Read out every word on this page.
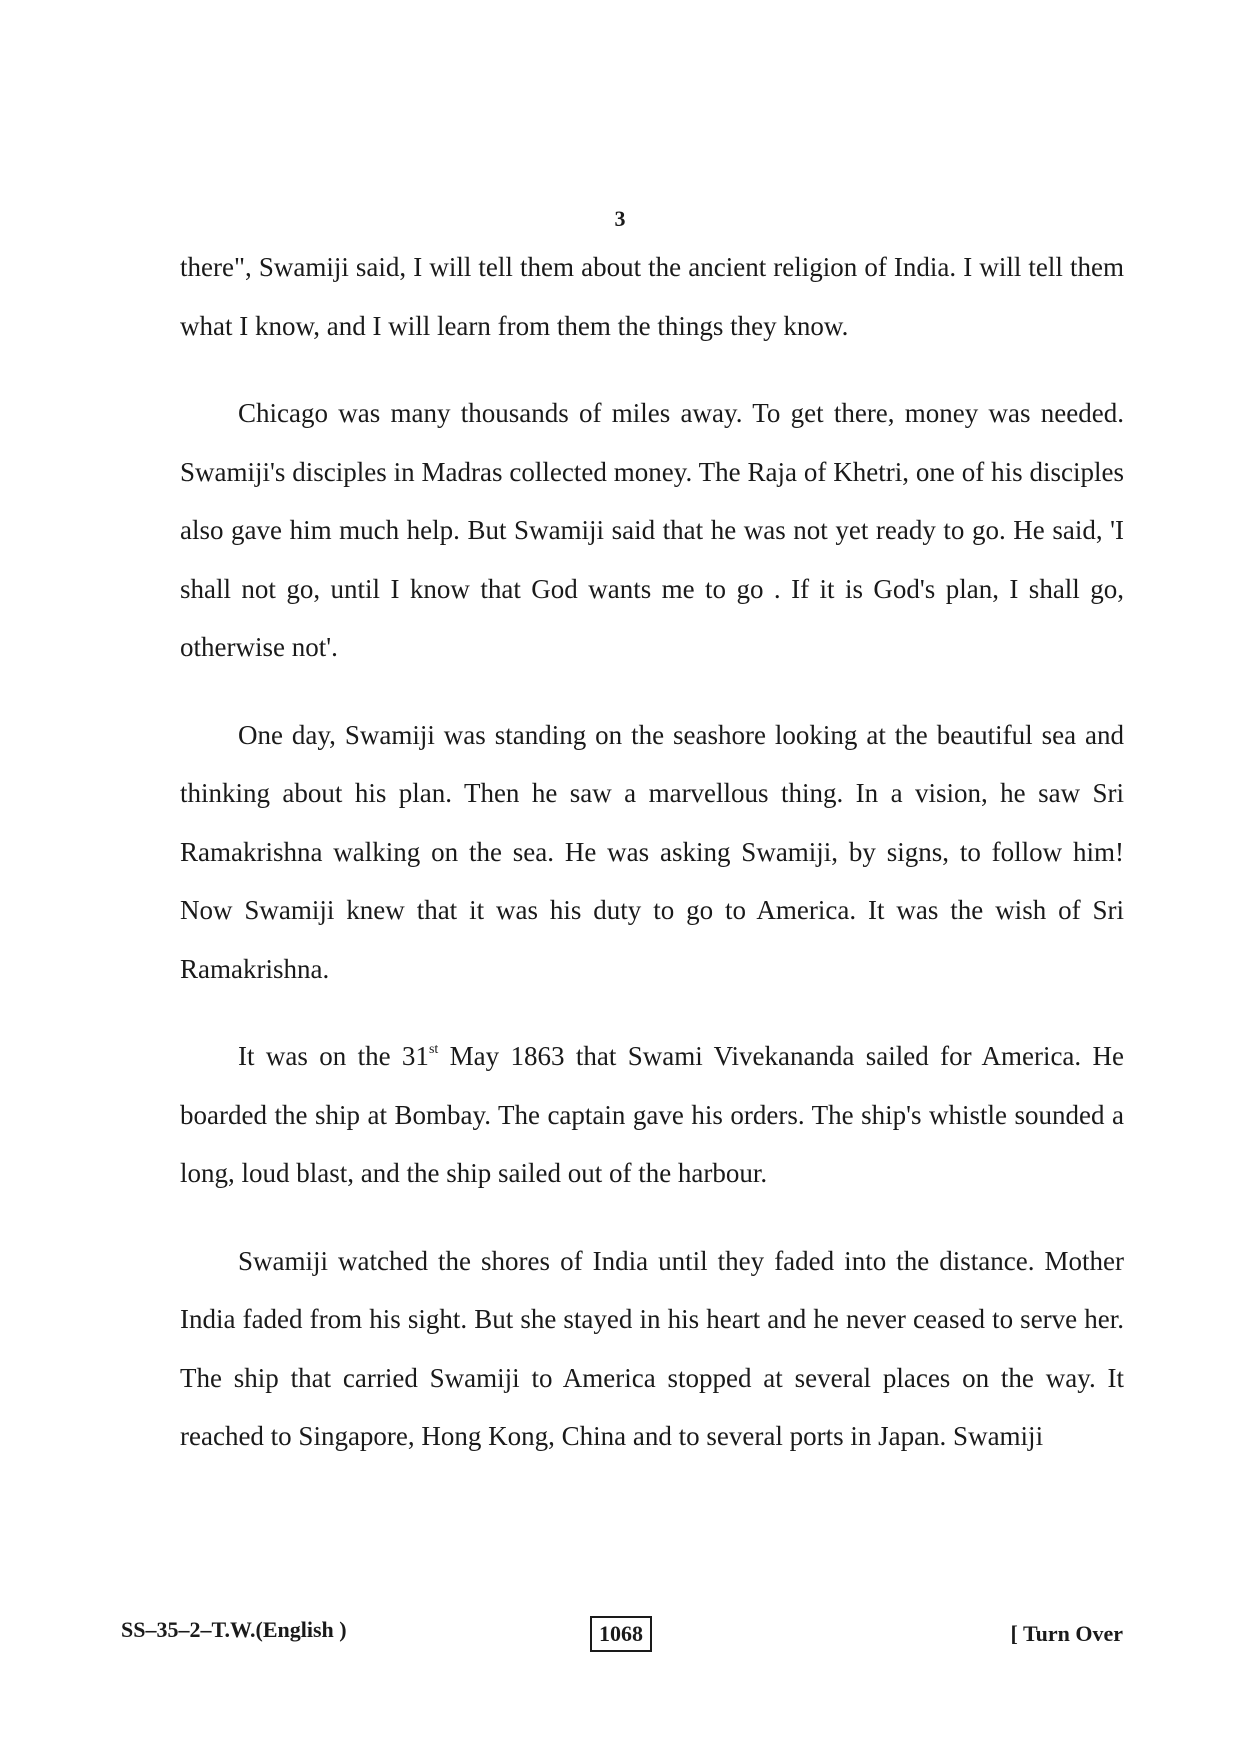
3

there", Swamiji said, I will tell them about the ancient religion of India. I will tell them what I know, and I will learn from them the things they know.

Chicago was many thousands of miles away. To get there, money was needed. Swamiji's disciples in Madras collected money. The Raja of Khetri, one of his disciples also gave him much help. But Swamiji said that he was not yet ready to go. He said, 'I shall not go, until I know that God wants me to go . If it is God's plan, I shall go, otherwise not'.

One day, Swamiji was standing on the seashore looking at the beautiful sea and thinking about his plan. Then he saw a marvellous thing. In a vision, he saw Sri Ramakrishna walking on the sea. He was asking Swamiji, by signs, to follow him! Now Swamiji knew that it was his duty to go to America. It was the wish of Sri Ramakrishna.

It was on the 31st May 1863 that Swami Vivekananda sailed for America. He boarded the ship at Bombay. The captain gave his orders. The ship's whistle sounded a long, loud blast, and the ship sailed out of the harbour.

Swamiji watched the shores of India until they faded into the distance. Mother India faded from his sight. But she stayed in his heart and he never ceased to serve her. The ship that carried Swamiji to America stopped at several places on the way. It reached to Singapore, Hong Kong, China and to several ports in Japan. Swamiji

SS–35–2–T.W.(English )	1068	[ Turn Over
